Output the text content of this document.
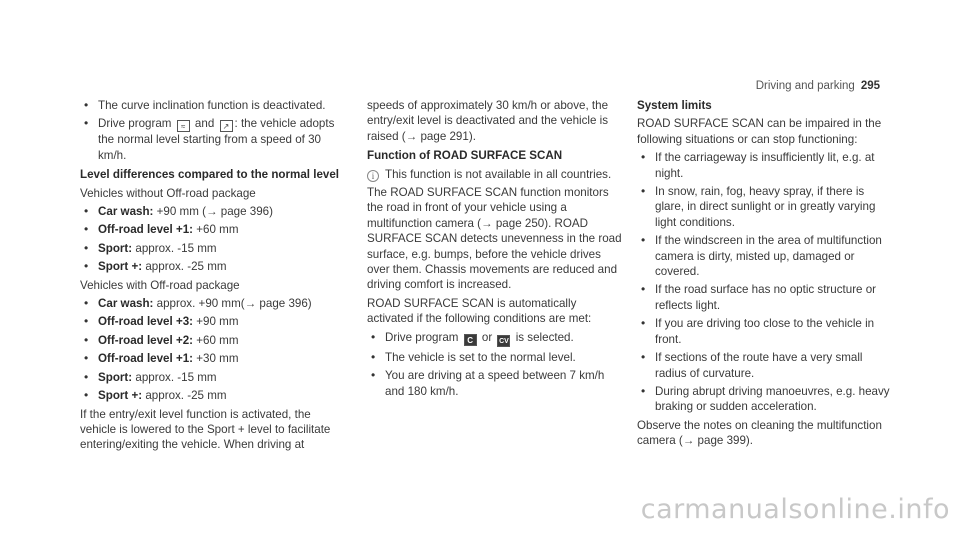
Driving and parking 295
• The curve inclination function is deactivated.
• Drive program ≈ and ↗ : the vehicle adopts the normal level starting from a speed of 30 km/h.
Level differences compared to the normal level
Vehicles without Off-road package
• Car wash: +90 mm (→ page 396)
• Off-road level +1: +60 mm
• Sport: approx. -15 mm
• Sport +: approx. -25 mm
Vehicles with Off-road package
• Car wash: approx. +90 mm(→ page 396)
• Off-road level +3: +90 mm
• Off-road level +2: +60 mm
• Off-road level +1: +30 mm
• Sport: approx. -15 mm
• Sport +: approx. -25 mm
If the entry/exit level function is activated, the vehicle is lowered to the Sport + level to facilitate entering/exiting the vehicle. When driving at
speeds of approximately 30 km/h or above, the entry/exit level is deactivated and the vehicle is raised (→ page 291).
Function of ROAD SURFACE SCAN
i This function is not available in all countries.
The ROAD SURFACE SCAN function monitors the road in front of your vehicle using a multifunction camera (→ page 250). ROAD SURFACE SCAN detects unevenness in the road surface, e.g. bumps, before the vehicle drives over them. Chassis movements are reduced and driving comfort is increased.
ROAD SURFACE SCAN is automatically activated if the following conditions are met:
• Drive program C or CV is selected.
• The vehicle is set to the normal level.
• You are driving at a speed between 7 km/h and 180 km/h.
System limits
ROAD SURFACE SCAN can be impaired in the following situations or can stop functioning:
• If the carriageway is insufficiently lit, e.g. at night.
• In snow, rain, fog, heavy spray, if there is glare, in direct sunlight or in greatly varying light conditions.
• If the windscreen in the area of multifunction camera is dirty, misted up, damaged or covered.
• If the road surface has no optic structure or reflects light.
• If you are driving too close to the vehicle in front.
• If sections of the route have a very small radius of curvature.
• During abrupt driving manoeuvres, e.g. heavy braking or sudden acceleration.
Observe the notes on cleaning the multifunction camera (→ page 399).
carmanualsonline.info
